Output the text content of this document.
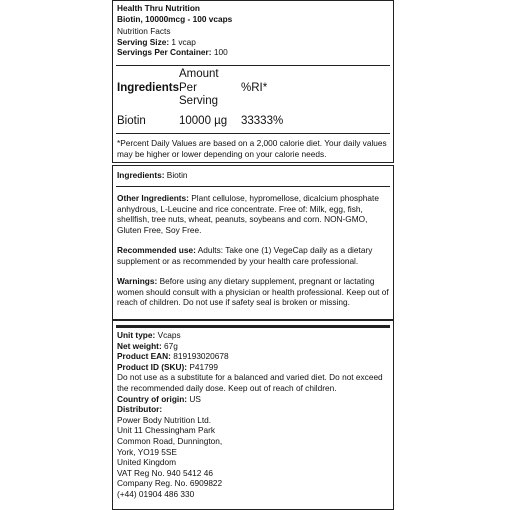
Health Thru Nutrition
Biotin, 10000mcg - 100 vcaps
Nutrition Facts
Serving Size: 1 vcap
Servings Per Container: 100
Ingredients
Amount
Per
Serving
%RI*
Biotin	10000 µg 33333%
*Percent Daily Values are based on a 2,000 calorie diet. Your daily values may be higher or lower depending on your calorie needs.
Ingredients: Biotin
Other Ingredients: Plant cellulose, hypromellose, dicalcium phosphate anhydrous, L-Leucine and rice concentrate. Free of: Milk, egg, fish, shellfish, tree nuts, wheat, peanuts, soybeans and corn. NON-GMO, Gluten Free, Soy Free.
Recommended use: Adults: Take one (1) VegeCap daily as a dietary supplement or as recommended by your health care professional.
Warnings: Before using any dietary supplement, pregnant or lactating women should consult with a physician or health professional. Keep out of reach of children. Do not use if safety seal is broken or missing.
Unit type: Vcaps
Net weight: 67g
Product EAN: 819193020678
Product ID (SKU): P41799
Do not use as a substitute for a balanced and varied diet. Do not exceed the recommended daily dose. Keep out of reach of children.
Country of origin: US
Distributor:
Power Body Nutrition Ltd.
Unit 11 Chessingham Park
Common Road, Dunnington,
York, YO19 5SE
United Kingdom
VAT Reg No. 940 5412 46
Company Reg. No. 6909822
(+44) 01904 486 330
